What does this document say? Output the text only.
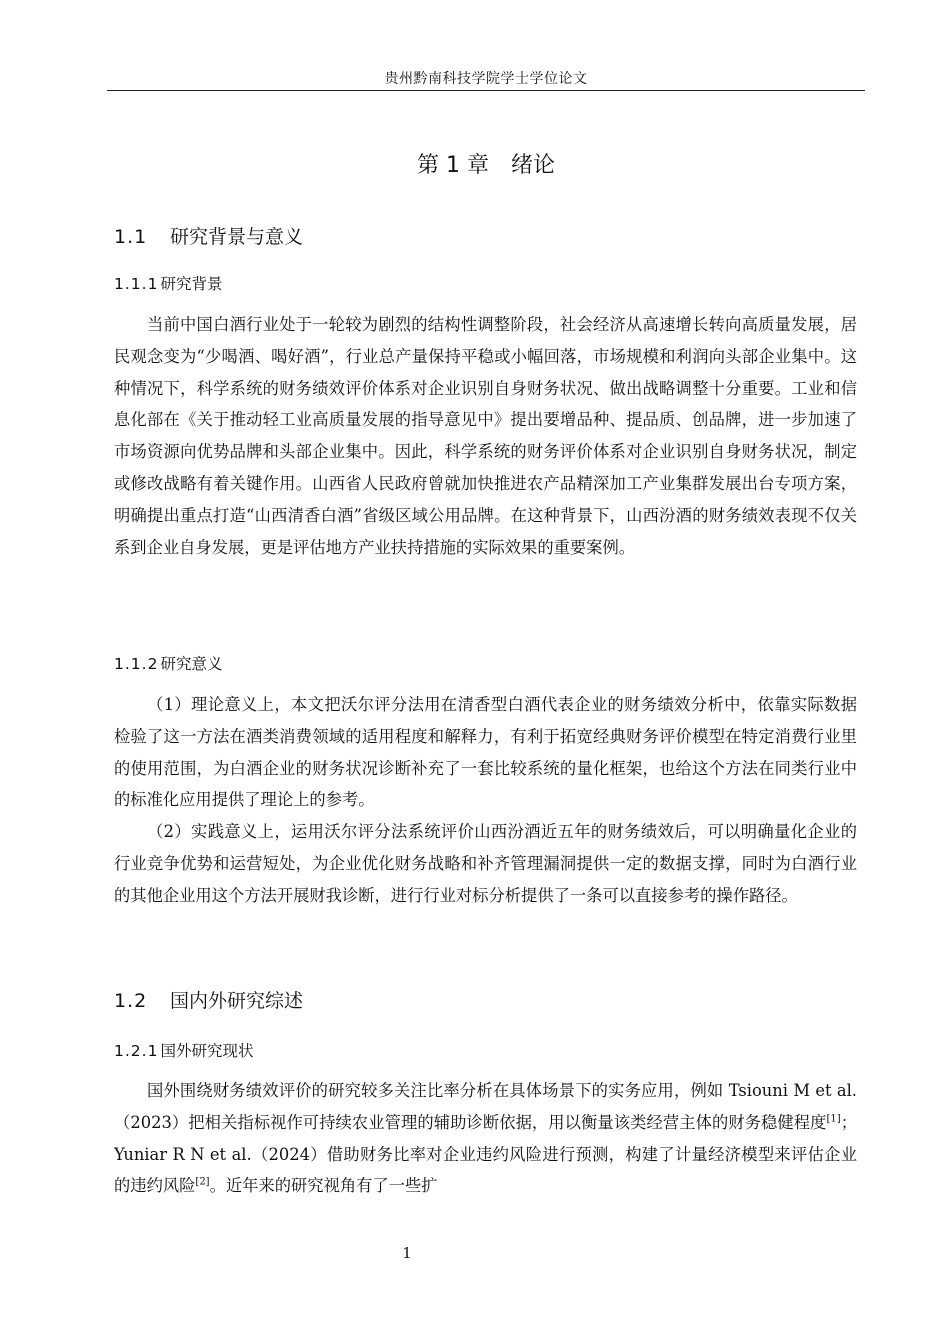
贵州黔南科技学院学士学位论文
第 1 章 绪论
1.1 研究背景与意义
1.1.1 研究背景

当前中国白酒行业处于一轮较为剧烈的结构性调整阶段，社会经济从高速增长转向高质量发展，居民观念变为“少喝酒、喝好酒”，行业总产量保持平稳或小幅回落，市场规模和利润向头部企业集中。这种情况下，科学系统的财务绩效评价体系对企业识别自身财务状况、做出战略调整十分重要。工业和信息化部在《关于推动轻工业高质量发展的指导意见中》提出要增品种、提品质、创品牌，进一步加速了市场资源向优势品牌和头部企业集中。因此，科学系统的财务评价体系对企业识别自身财务状况，制定或修改战略有着关键作用。山西省人民政府曾就加快推进农产品精深加工产业集群发展出台专项方案，明确提出重点打造“山西清香白酒”省级区域公用品牌。在这种背景下，山西汾酒的财务绩效表现不仅关系到企业自身发展，更是评估地方产业扶持措施的实际效果的重要案例。

1.1.2 研究意义

（1）理论意义上，本文把沃尔评分法用在清香型白酒代表企业的财务绩效分析中，依靠实际数据检验了这一方法在酒类消费领域的适用程度和解释力，有利于拓宽经典财务评价模型在特定消费行业里的使用范围，为白酒企业的财务状况诊断补充了一套比较系统的量化框架，也给这个方法在同类行业中的标准化应用提供了理论上的参考。

（2）实践意义上，运用沃尔评分法系统评价山西汾酒近五年的财务绩效后，可以明确量化企业的行业竞争优势和运营短处，为企业优化财务战略和补齐管理漏洞提供一定的数据支撑，同时为白酒行业的其他企业用这个方法开展财我诊断，进行行业对标分析提供了一条可以直接参考的操作路径。

1.2 国内外研究综述
1.2.1 国外研究现状

国外围绕财务绩效评价的研究较多关注比率分析在具体场景下的实务应用，例如 Tsiouni M et al.（2023）把相关指标视作可持续农业管理的辅助诊断依据，用以衡量该类经营主体的财务稳健程度[1]；Yuniar R N et al.（2024）借助财务比率对企业违约风险进行预测，构建了计量经济模型来评估企业的违约风险[2]。近年来的研究视角有了一些扩

1
